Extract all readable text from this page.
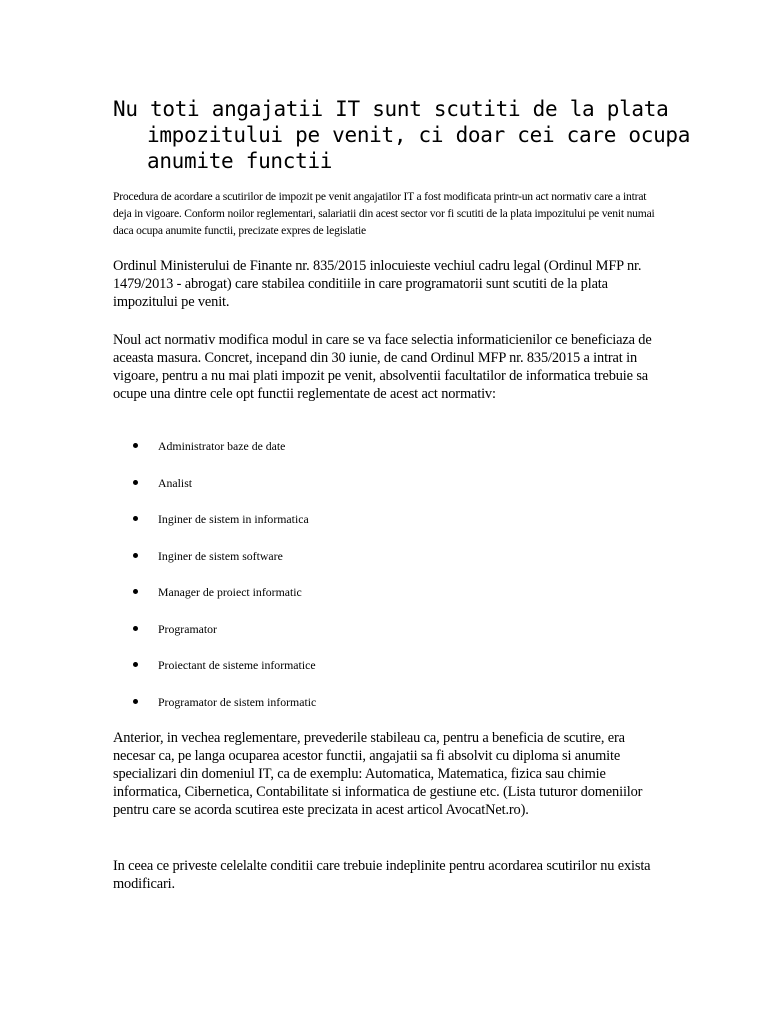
Nu toti angajatii IT sunt scutiti de la plata impozitului pe venit, ci doar cei care ocupa anumite functii

Procedura de acordare a scutirilor de impozit pe venit angajatilor IT a fost modificata printr-un act normativ care a intrat deja in vigoare. Conform noilor reglementari, salariatii din acest sector vor fi scutiti de la plata impozitului pe venit numai daca ocupa anumite functii, precizate expres de legislatie

Ordinul Ministerului de Finante nr. 835/2015 inlocuieste vechiul cadru legal (Ordinul MFP nr. 1479/2013 - abrogat) care stabilea conditiile in care programatorii sunt scutiti de la plata impozitului pe venit.

Noul act normativ modifica modul in care se va face selectia informaticienilor ce beneficiaza de aceasta masura. Concret, incepand din 30 iunie, de cand Ordinul MFP nr. 835/2015 a intrat in vigoare, pentru a nu mai plati impozit pe venit, absolventii facultatilor de informatica trebuie sa ocupe una dintre cele opt functii reglementate de acest act normativ:

Administrator baze de date
Analist
Inginer de sistem in informatica
Inginer de sistem software
Manager de proiect informatic
Programator
Proiectant de sisteme informatice
Programator de sistem informatic

Anterior, in vechea reglementare, prevederile stabileau ca, pentru a beneficia de scutire, era necesar ca, pe langa ocuparea acestor functii, angajatii sa fi absolvit cu diploma si anumite specializari din domeniul IT, ca de exemplu: Automatica, Matematica, fizica sau chimie informatica, Cibernetica, Contabilitate si informatica de gestiune etc. (Lista tuturor domeniilor pentru care se acorda scutirea este precizata in acest articol AvocatNet.ro).

In ceea ce priveste celelalte conditii care trebuie indeplinite pentru acordarea scutirilor nu exista modificari.
